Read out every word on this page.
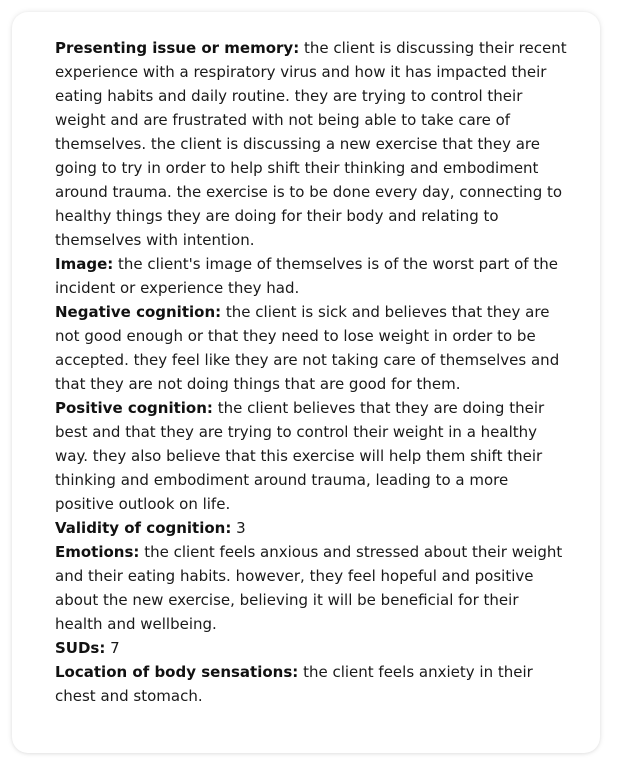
Presenting issue or memory: the client is discussing their recent experience with a respiratory virus and how it has impacted their eating habits and daily routine. they are trying to control their weight and are frustrated with not being able to take care of themselves. the client is discussing a new exercise that they are going to try in order to help shift their thinking and embodiment around trauma. the exercise is to be done every day, connecting to healthy things they are doing for their body and relating to themselves with intention.

Image: the client's image of themselves is of the worst part of the incident or experience they had.

Negative cognition: the client is sick and believes that they are not good enough or that they need to lose weight in order to be accepted. they feel like they are not taking care of themselves and that they are not doing things that are good for them.

Positive cognition: the client believes that they are doing their best and that they are trying to control their weight in a healthy way. they also believe that this exercise will help them shift their thinking and embodiment around trauma, leading to a more positive outlook on life.

Validity of cognition: 3

Emotions: the client feels anxious and stressed about their weight and their eating habits. however, they feel hopeful and positive about the new exercise, believing it will be beneficial for their health and wellbeing.

SUDs: 7

Location of body sensations: the client feels anxiety in their chest and stomach.
